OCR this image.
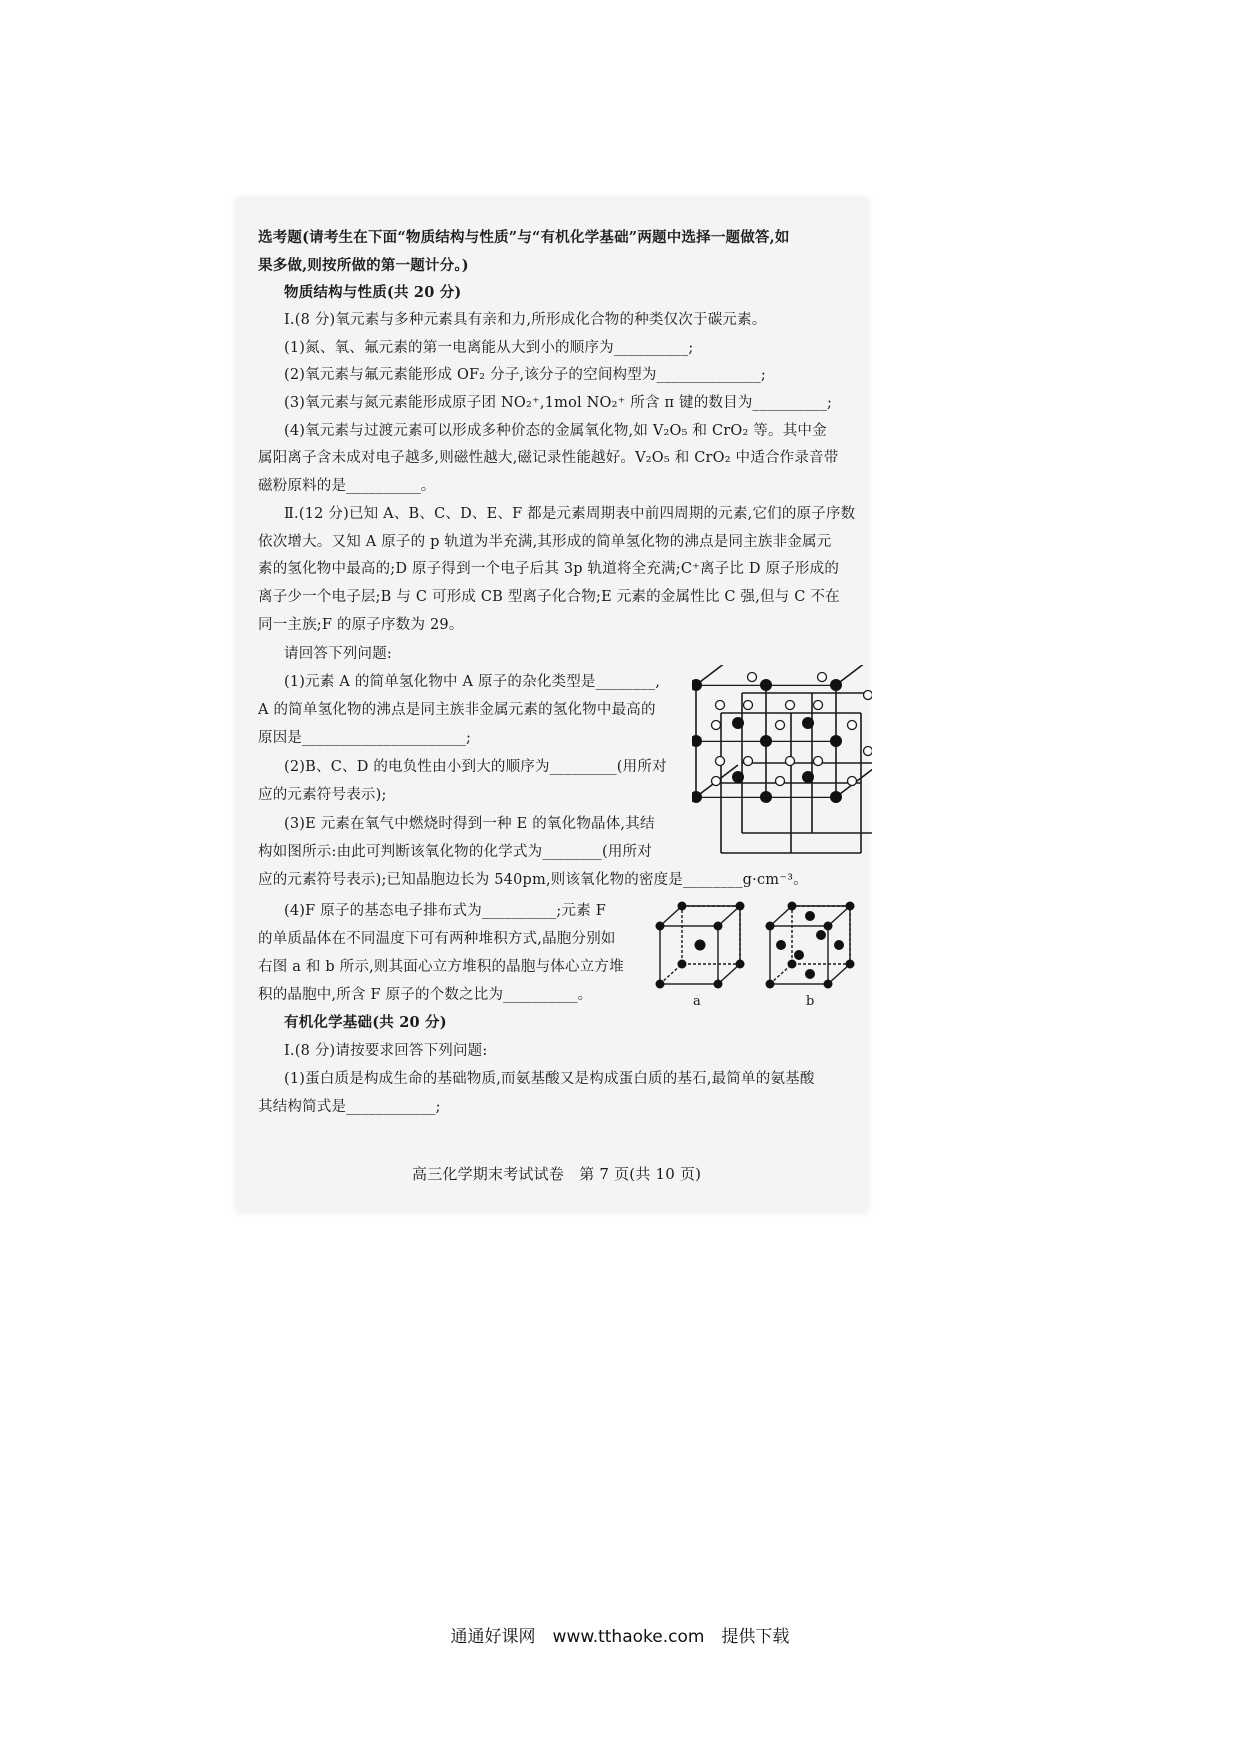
选考题(请考生在下面“物质结构与性质”与“有机化学基础”两题中选择一题做答,如
果多做,则按所做的第一题计分。)
物质结构与性质(共 20 分)
Ⅰ.(8 分)氧元素与多种元素具有亲和力,所形成化合物的种类仅次于碳元素。
(1)氮、氧、氟元素的第一电离能从大到小的顺序为__________;
(2)氧元素与氟元素能形成 OF₂ 分子,该分子的空间构型为______________;
(3)氧元素与氮元素能形成原子团 NO₂⁺,1mol NO₂⁺ 所含 π 键的数目为__________;
(4)氧元素与过渡元素可以形成多种价态的金属氧化物,如 V₂O₅ 和 CrO₂ 等。其中金
属阳离子含未成对电子越多,则磁性越大,磁记录性能越好。V₂O₅ 和 CrO₂ 中适合作录音带
磁粉原料的是__________。
Ⅱ.(12 分)已知 A、B、C、D、E、F 都是元素周期表中前四周期的元素,它们的原子序数
依次增大。又知 A 原子的 p 轨道为半充满,其形成的简单氢化物的沸点是同主族非金属元
素的氢化物中最高的;D 原子得到一个电子后其 3p 轨道将全充满;C⁺离子比 D 原子形成的
离子少一个电子层;B 与 C 可形成 CB 型离子化合物;E 元素的金属性比 C 强,但与 C 不在
同一主族;F 的原子序数为 29。
请回答下列问题:
(1)元素 A 的简单氢化物中 A 原子的杂化类型是________,
A 的简单氢化物的沸点是同主族非金属元素的氢化物中最高的
原因是______________________;
(2)B、C、D 的电负性由小到大的顺序为_________(用所对
应的元素符号表示);
(3)E 元素在氧气中燃烧时得到一种 E 的氧化物晶体,其结
构如图所示:由此可判断该氧化物的化学式为________(用所对
应的元素符号表示);已知晶胞边长为 540pm,则该氧化物的密度是________g·cm⁻³。
(4)F 原子的基态电子排布式为__________;元素 F
的单质晶体在不同温度下可有两种堆积方式,晶胞分别如
右图 a 和 b 所示,则其面心立方堆积的晶胞与体心立方堆
积的晶胞中,所含 F 原子的个数之比为__________。
有机化学基础(共 20 分)
Ⅰ.(8 分)请按要求回答下列问题:
(1)蛋白质是构成生命的基础物质,而氨基酸又是构成蛋白质的基石,最简单的氨基酸
其结构简式是____________;
高三化学期末考试试卷　第 7 页(共 10 页)
a	b
通通好课网　www.tthaoke.com　提供下载
